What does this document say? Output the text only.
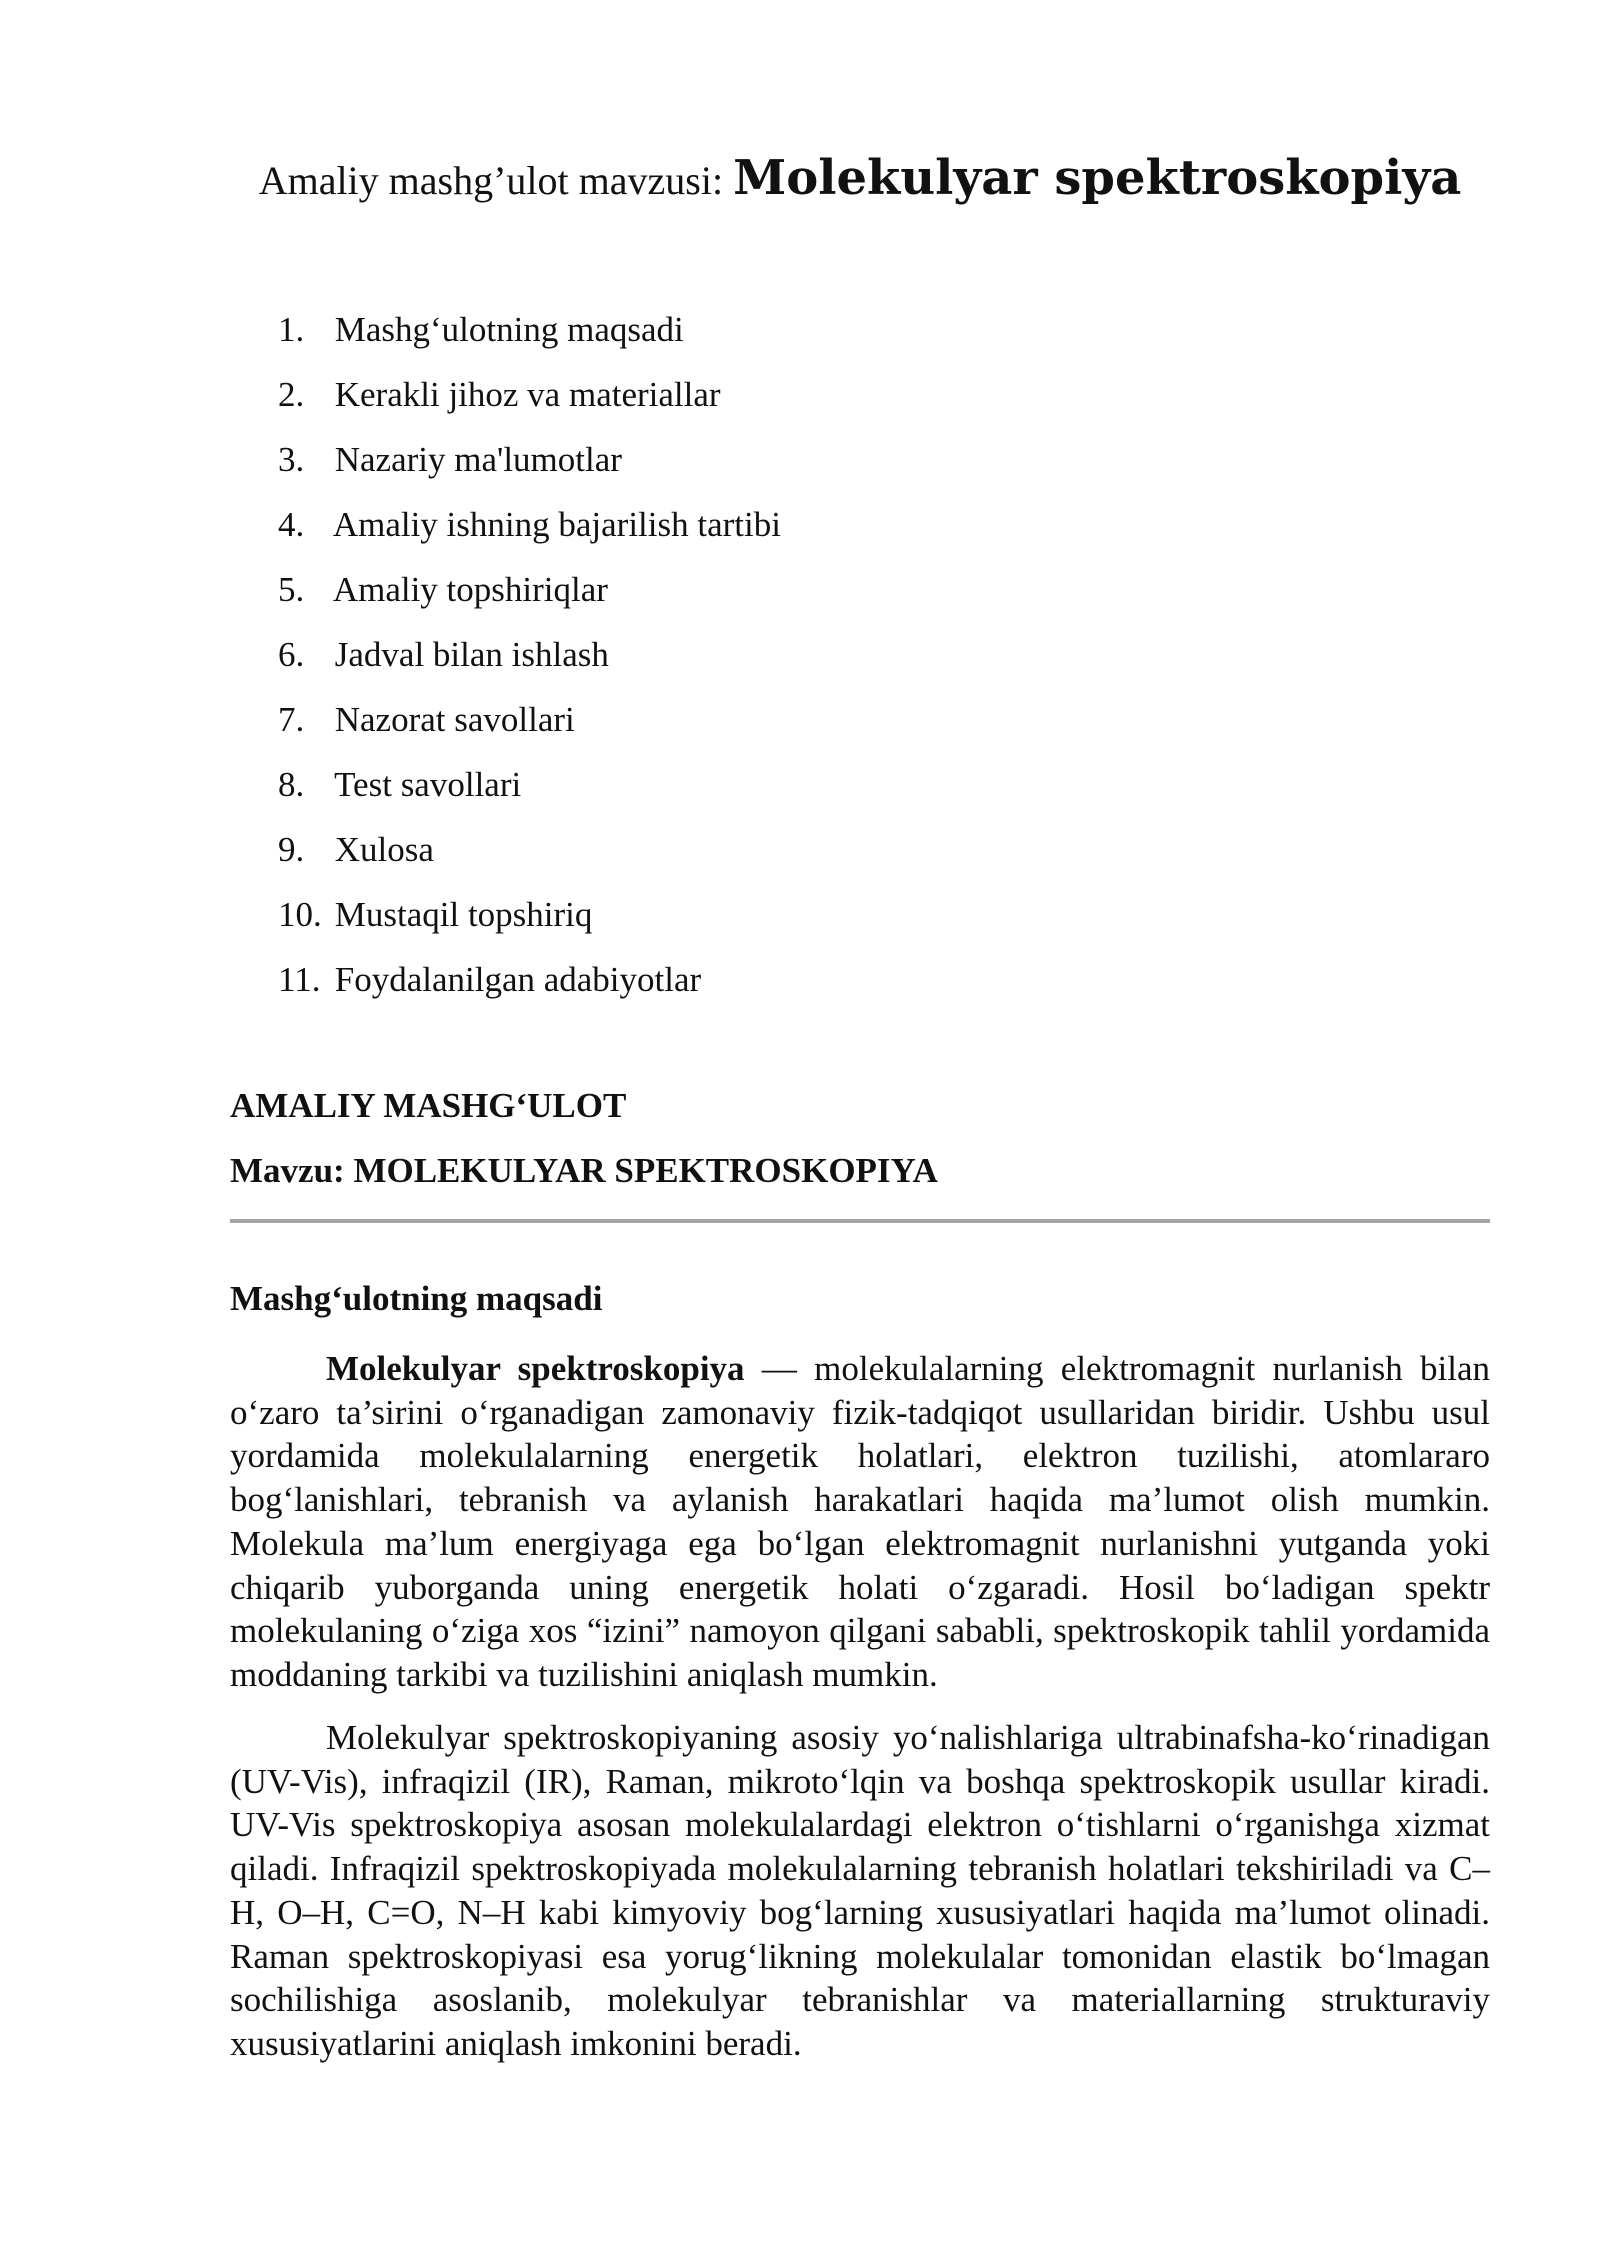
Amaliy mashg’ulot mavzusi: Molekulyar spektroskopiya
1. Mashg‘ulotning maqsadi
2. Kerakli jihoz va materiallar
3. Nazariy ma'lumotlar
4. Amaliy ishning bajarilish tartibi
5. Amaliy topshiriqlar
6. Jadval bilan ishlash
7. Nazorat savollari
8. Test savollari
9. Xulosa
10. Mustaqil topshiriq
11. Foydalanilgan adabiyotlar
AMALIY MASHG‘ULOT
Mavzu: MOLEKULYAR SPEKTROSKOPIYA
Mashg‘ulotning maqsadi

Molekulyar spektroskopiya — molekulalarning elektromagnit nurlanish bilan o‘zaro ta’sirini o‘rganadigan zamonaviy fizik-tadqiqot usullaridan biridir. Ushbu usul yordamida molekulalarning energetik holatlari, elektron tuzilishi, atomlararo bog‘lanishlari, tebranish va aylanish harakatlari haqida ma’lumot olish mumkin. Molekula ma’lum energiyaga ega bo‘lgan elektromagnit nurlanishni yutganda yoki chiqarib yuborganda uning energetik holati o‘zgaradi. Hosil bo‘ladigan spektr molekulaning o‘ziga xos “izini” namoyon qilgani sababli, spektroskopik tahlil yordamida moddaning tarkibi va tuzilishini aniqlash mumkin.

Molekulyar spektroskopiyaning asosiy yo‘nalishlariga ultrabinafsha-ko‘rinadigan (UV-Vis), infraqizil (IR), Raman, mikroto‘lqin va boshqa spektroskopik usullar kiradi. UV-Vis spektroskopiya asosan molekulalardagi elektron o‘tishlarni o‘rganishga xizmat qiladi. Infraqizil spektroskopiyada molekulalarning tebranish holatlari tekshiriladi va C–H, O–H, C=O, N–H kabi kimyoviy bog‘larning xususiyatlari haqida ma’lumot olinadi. Raman spektroskopiyasi esa yorug‘likning molekulalar tomonidan elastik bo‘lmagan sochilishiga asoslanib, molekulyar tebranishlar va materiallarning strukturaviy xususiyatlarini aniqlash imkonini beradi.
